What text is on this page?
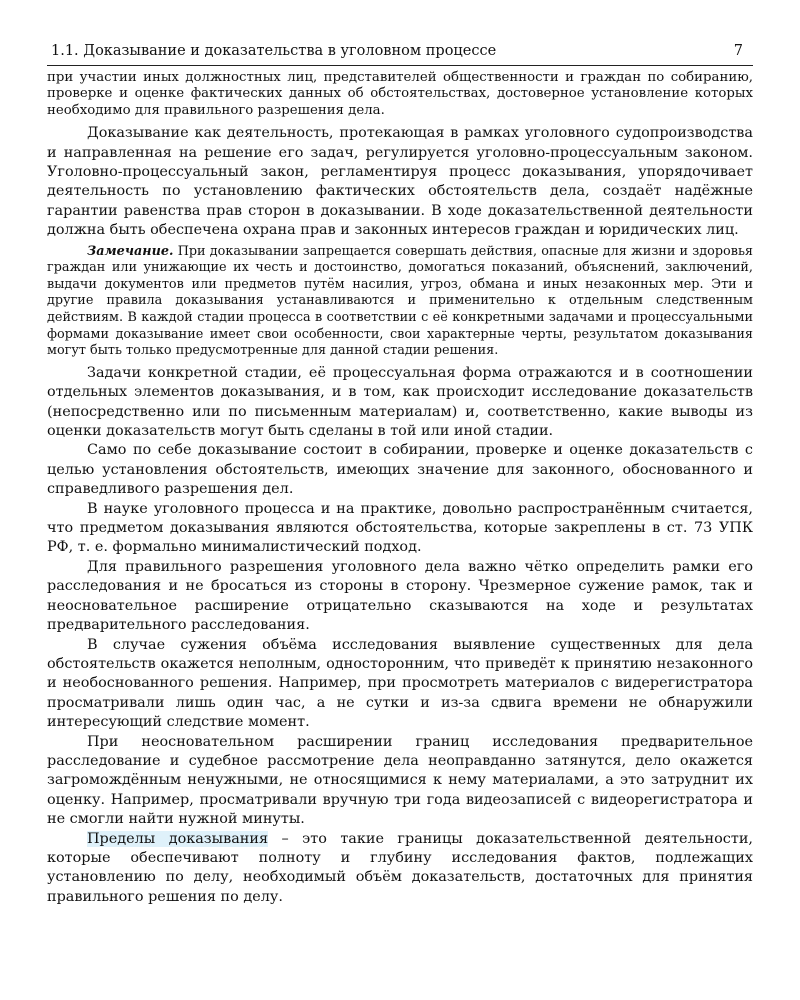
1.1. Доказывание и доказательства в уголовном процессе	7

при участии иных должностных лиц, представителей общественности и граждан по собиранию, проверке и оценке фактических данных об обстоятельствах, достоверное установление которых необходимо для правильного разрешения дела.

Доказывание как деятельность, протекающая в рамках уголовного судопроизводства и направленная на решение его задач, регулируется уголовно-процессуальным законом. Уголовно-процессуальный закон, регламентируя процесс доказывания, упорядочивает деятельность по установлению фактических обстоятельств дела, создаёт надёжные гарантии равенства прав сторон в доказывании. В ходе доказательственной деятельности должна быть обеспечена охрана прав и законных интересов граждан и юридических лиц.

Замечание. При доказывании запрещается совершать действия, опасные для жизни и здоровья граждан или унижающие их честь и достоинство, домогаться показаний, объяснений, заключений, выдачи документов или предметов путём насилия, угроз, обмана и иных незаконных мер. Эти и другие правила доказывания устанавливаются и применительно к отдельным следственным действиям. В каждой стадии процесса в соответствии с её конкретными задачами и процессуальными формами доказывание имеет свои особенности, свои характерные черты, результатом доказывания могут быть только предусмотренные для данной стадии решения.

Задачи конкретной стадии, её процессуальная форма отражаются и в соотношении отдельных элементов доказывания, и в том, как происходит исследование доказательств (непосредственно или по письменным материалам) и, соответственно, какие выводы из оценки доказательств могут быть сделаны в той или иной стадии.

Само по себе доказывание состоит в собирании, проверке и оценке доказательств с целью установления обстоятельств, имеющих значение для законного, обоснованного и справедливого разрешения дел.

В науке уголовного процесса и на практике, довольно распространённым считается, что предметом доказывания являются обстоятельства, которые закреплены в ст. 73 УПК РФ, т. е. формально минималистический подход.

Для правильного разрешения уголовного дела важно чётко определить рамки его расследования и не бросаться из стороны в сторону. Чрезмерное сужение рамок, так и неосновательное расширение отрицательно сказываются на ходе и результатах предварительного расследования.

В случае сужения объёма исследования выявление существенных для дела обстоятельств окажется неполным, односторонним, что приведёт к принятию незаконного и необоснованного решения. Например, при просмотреть материалов с видерегистратора просматривали лишь один час, а не сутки и из-за сдвига времени не обнаружили интересующий следствие момент.

При неосновательном расширении границ исследования предварительное расследование и судебное рассмотрение дела неоправданно затянутся, дело окажется загромождённым ненужными, не относящимися к нему материалами, а это затруднит их оценку. Например, просматривали вручную три года видеозаписей с видеорегистратора и не смогли найти нужной минуты.

Пределы доказывания – это такие границы доказательственной деятельности, которые обеспечивают полноту и глубину исследования фактов, подлежащих установлению по делу, необходимый объём доказательств, достаточных для принятия правильного решения по делу.
